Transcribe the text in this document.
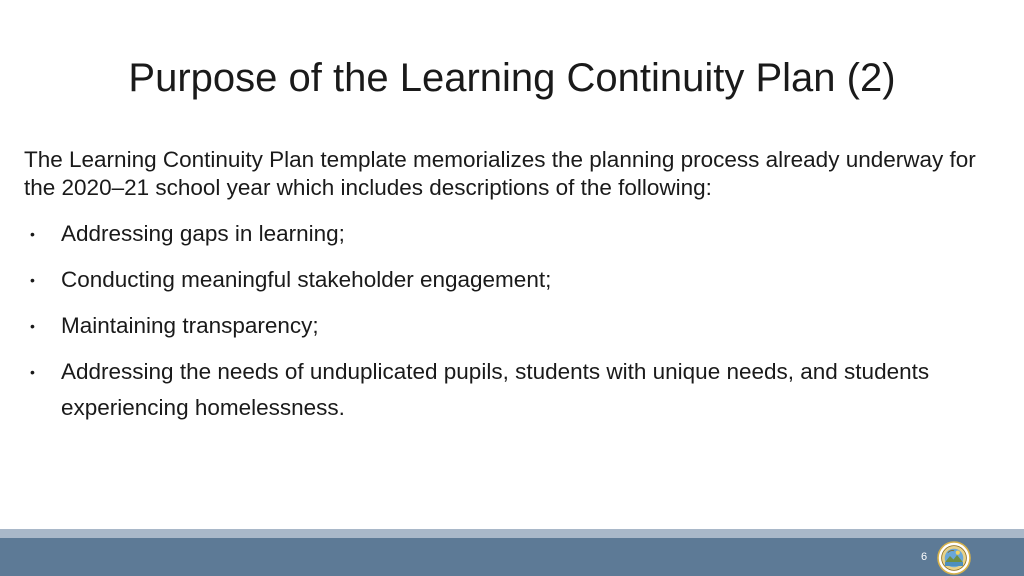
Purpose of the Learning Continuity Plan (2)

The Learning Continuity Plan template memorializes the planning process already underway for the 2020–21 school year which includes descriptions of the following:

• Addressing gaps in learning;
• Conducting meaningful stakeholder engagement;
• Maintaining transparency;
• Addressing the needs of unduplicated pupils, students with unique needs, and students experiencing homelessness.
6
